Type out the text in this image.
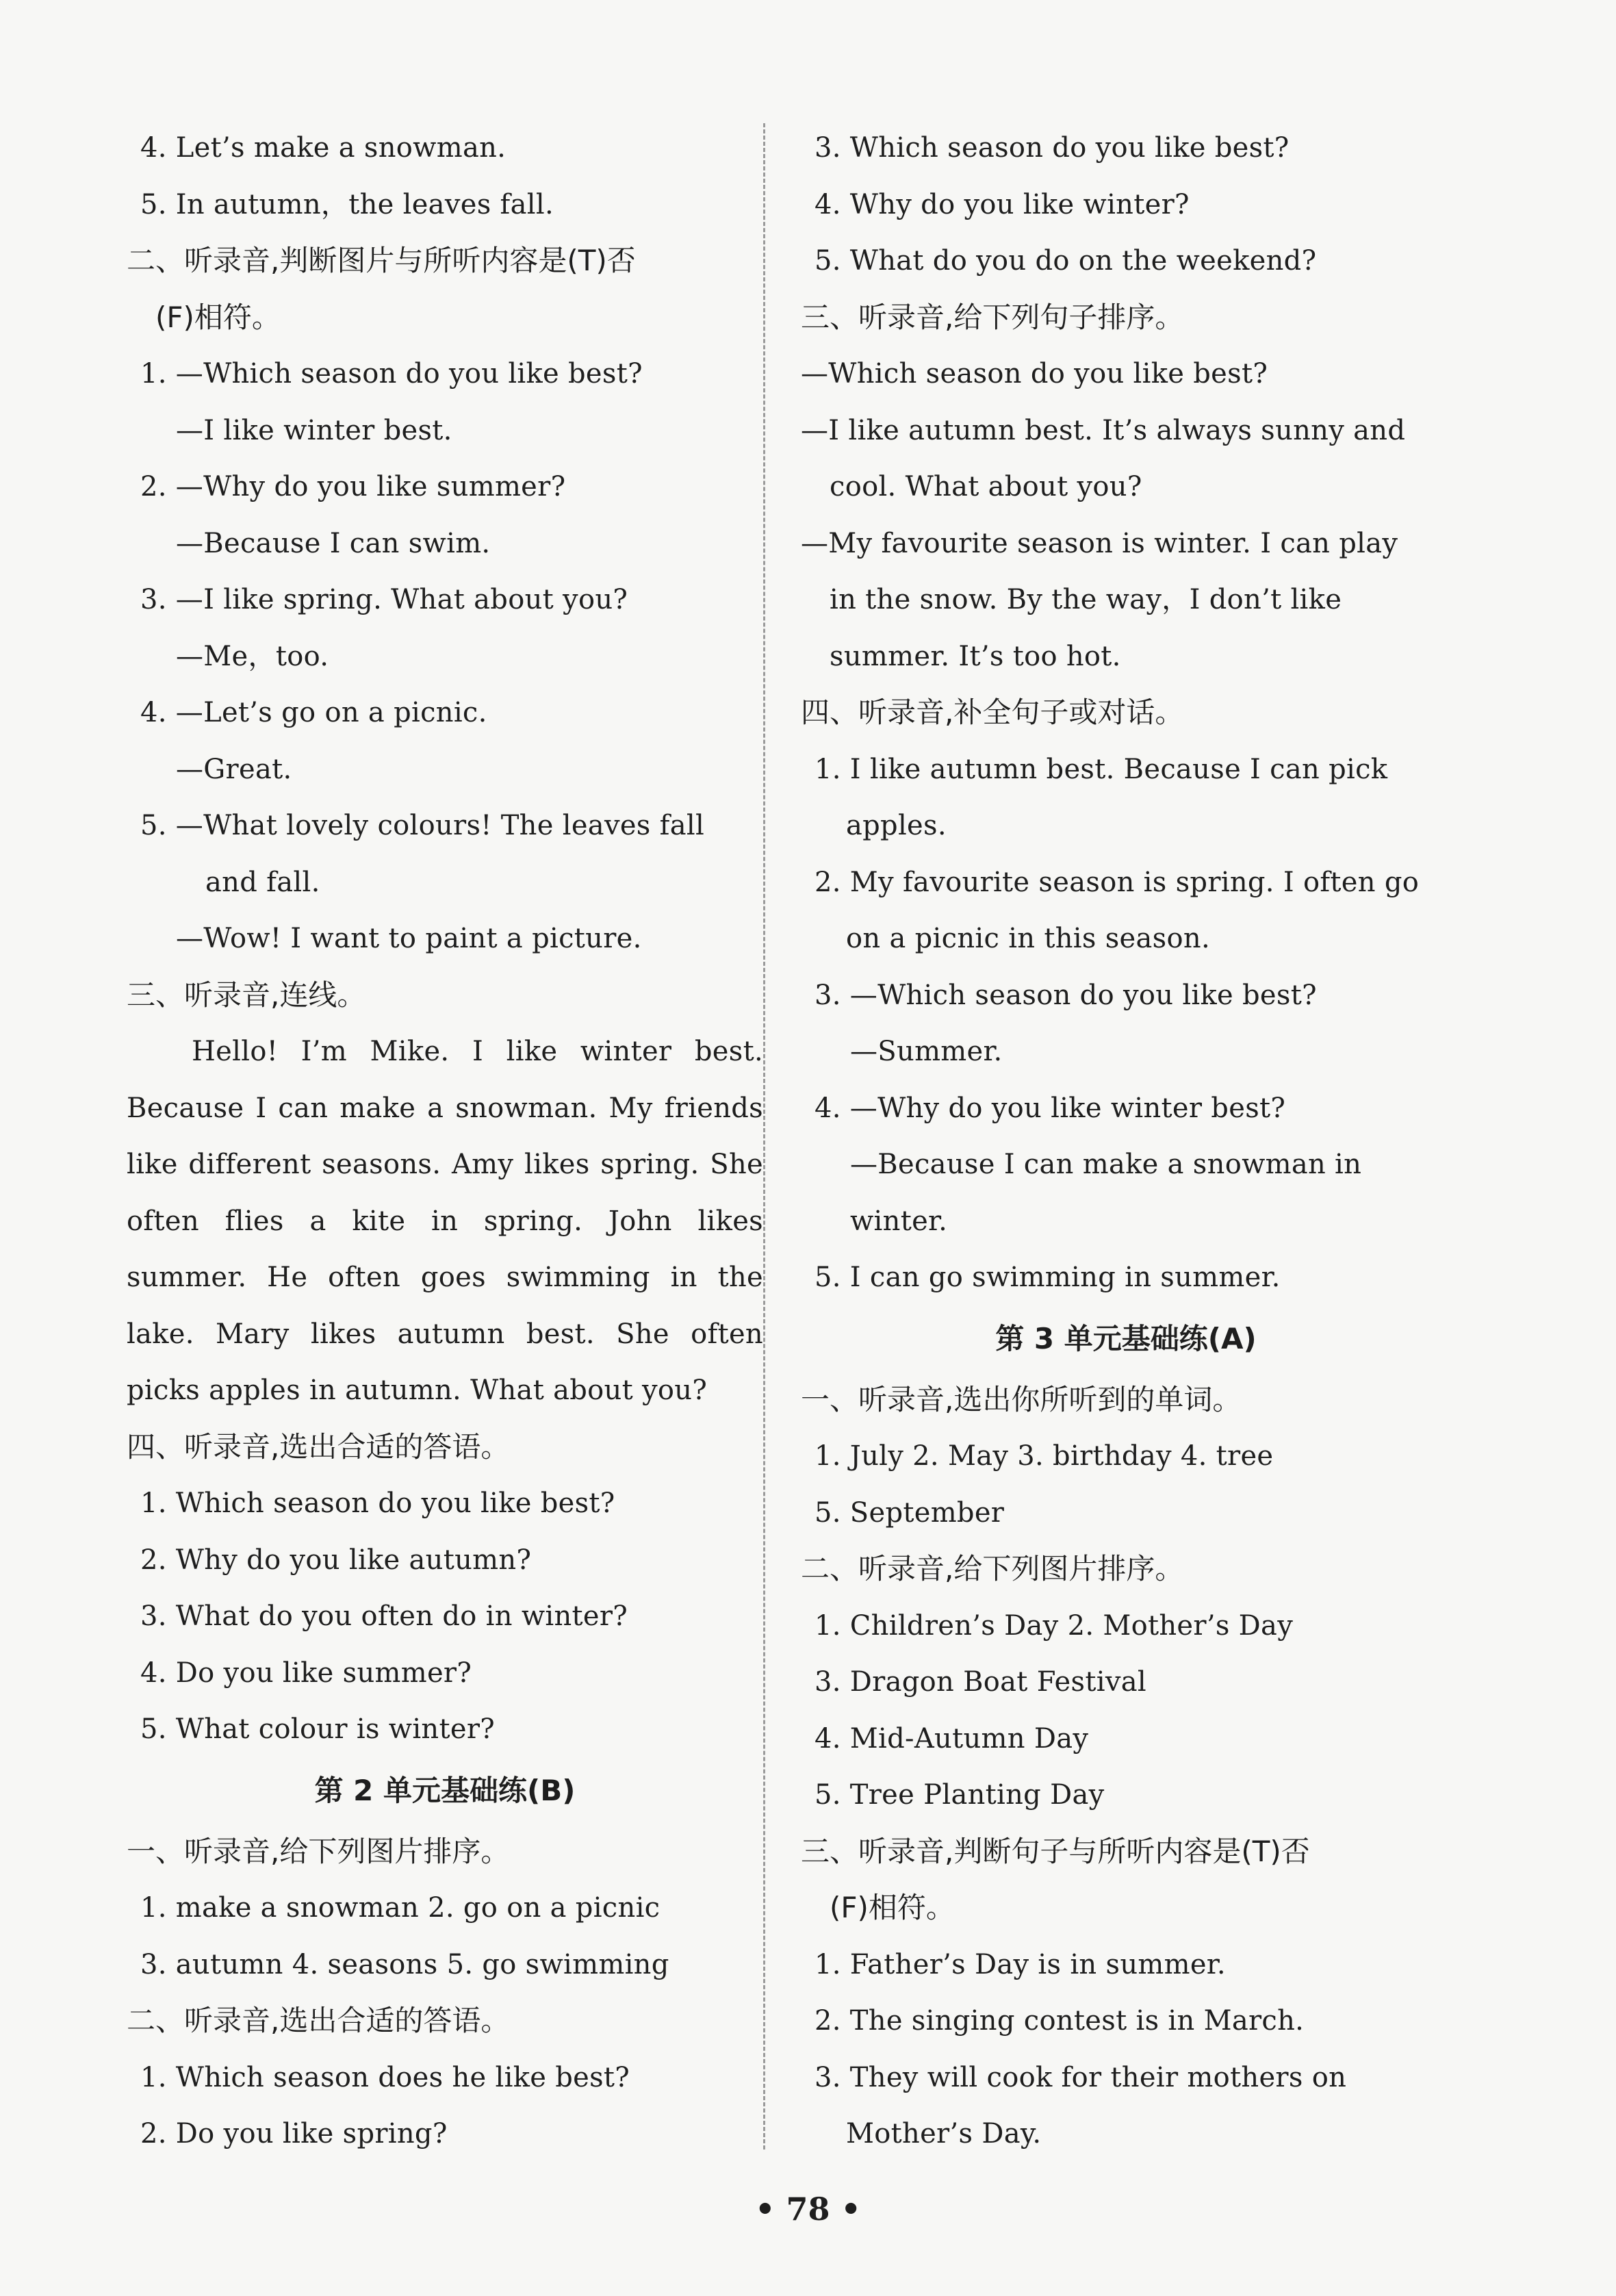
4. Let’s make a snowman.
5. In autumn，the leaves fall.
二、听录音,判断图片与所听内容是(T)否
(F)相符。
1. —Which season do you like best?
—I like winter best.
2. —Why do you like summer?
—Because I can swim.
3. —I like spring. What about you?
—Me，too.
4. —Let’s go on a picnic.
—Great.
5. —What lovely colours! The leaves fall
and fall.
—Wow! I want to paint a picture.
三、听录音,连线。
Hello! I’m Mike. I like winter best. Because I can make a snowman. My friends like different seasons. Amy likes spring. She often flies a kite in spring. John likes summer. He often goes swimming in the lake. Mary likes autumn best. She often picks apples in autumn. What about you?
四、听录音,选出合适的答语。
1. Which season do you like best?
2. Why do you like autumn?
3. What do you often do in winter?
4. Do you like summer?
5. What colour is winter?
第 2 单元基础练(B)
一、听录音,给下列图片排序。
1. make a snowman 2. go on a picnic
3. autumn 4. seasons 5. go swimming
二、听录音,选出合适的答语。
1. Which season does he like best?
2. Do you like spring?
3. Which season do you like best?
4. Why do you like winter?
5. What do you do on the weekend?
三、听录音,给下列句子排序。
—Which season do you like best?
—I like autumn best. It’s always sunny and
cool. What about you?
—My favourite season is winter. I can play
in the snow. By the way，I don’t like
summer. It’s too hot.
四、听录音,补全句子或对话。
1. I like autumn best. Because I can pick
apples.
2. My favourite season is spring. I often go
on a picnic in this season.
3. —Which season do you like best?
—Summer.
4. —Why do you like winter best?
—Because I can make a snowman in
winter.
5. I can go swimming in summer.
第 3 单元基础练(A)
一、听录音,选出你所听到的单词。
1. July 2. May 3. birthday 4. tree
5. September
二、听录音,给下列图片排序。
1. Children’s Day 2. Mother’s Day
3. Dragon Boat Festival
4. Mid-Autumn Day
5. Tree Planting Day
三、听录音,判断句子与所听内容是(T)否
(F)相符。
1. Father’s Day is in summer.
2. The singing contest is in March.
3. They will cook for their mothers on
Mother’s Day.
• 78 •
